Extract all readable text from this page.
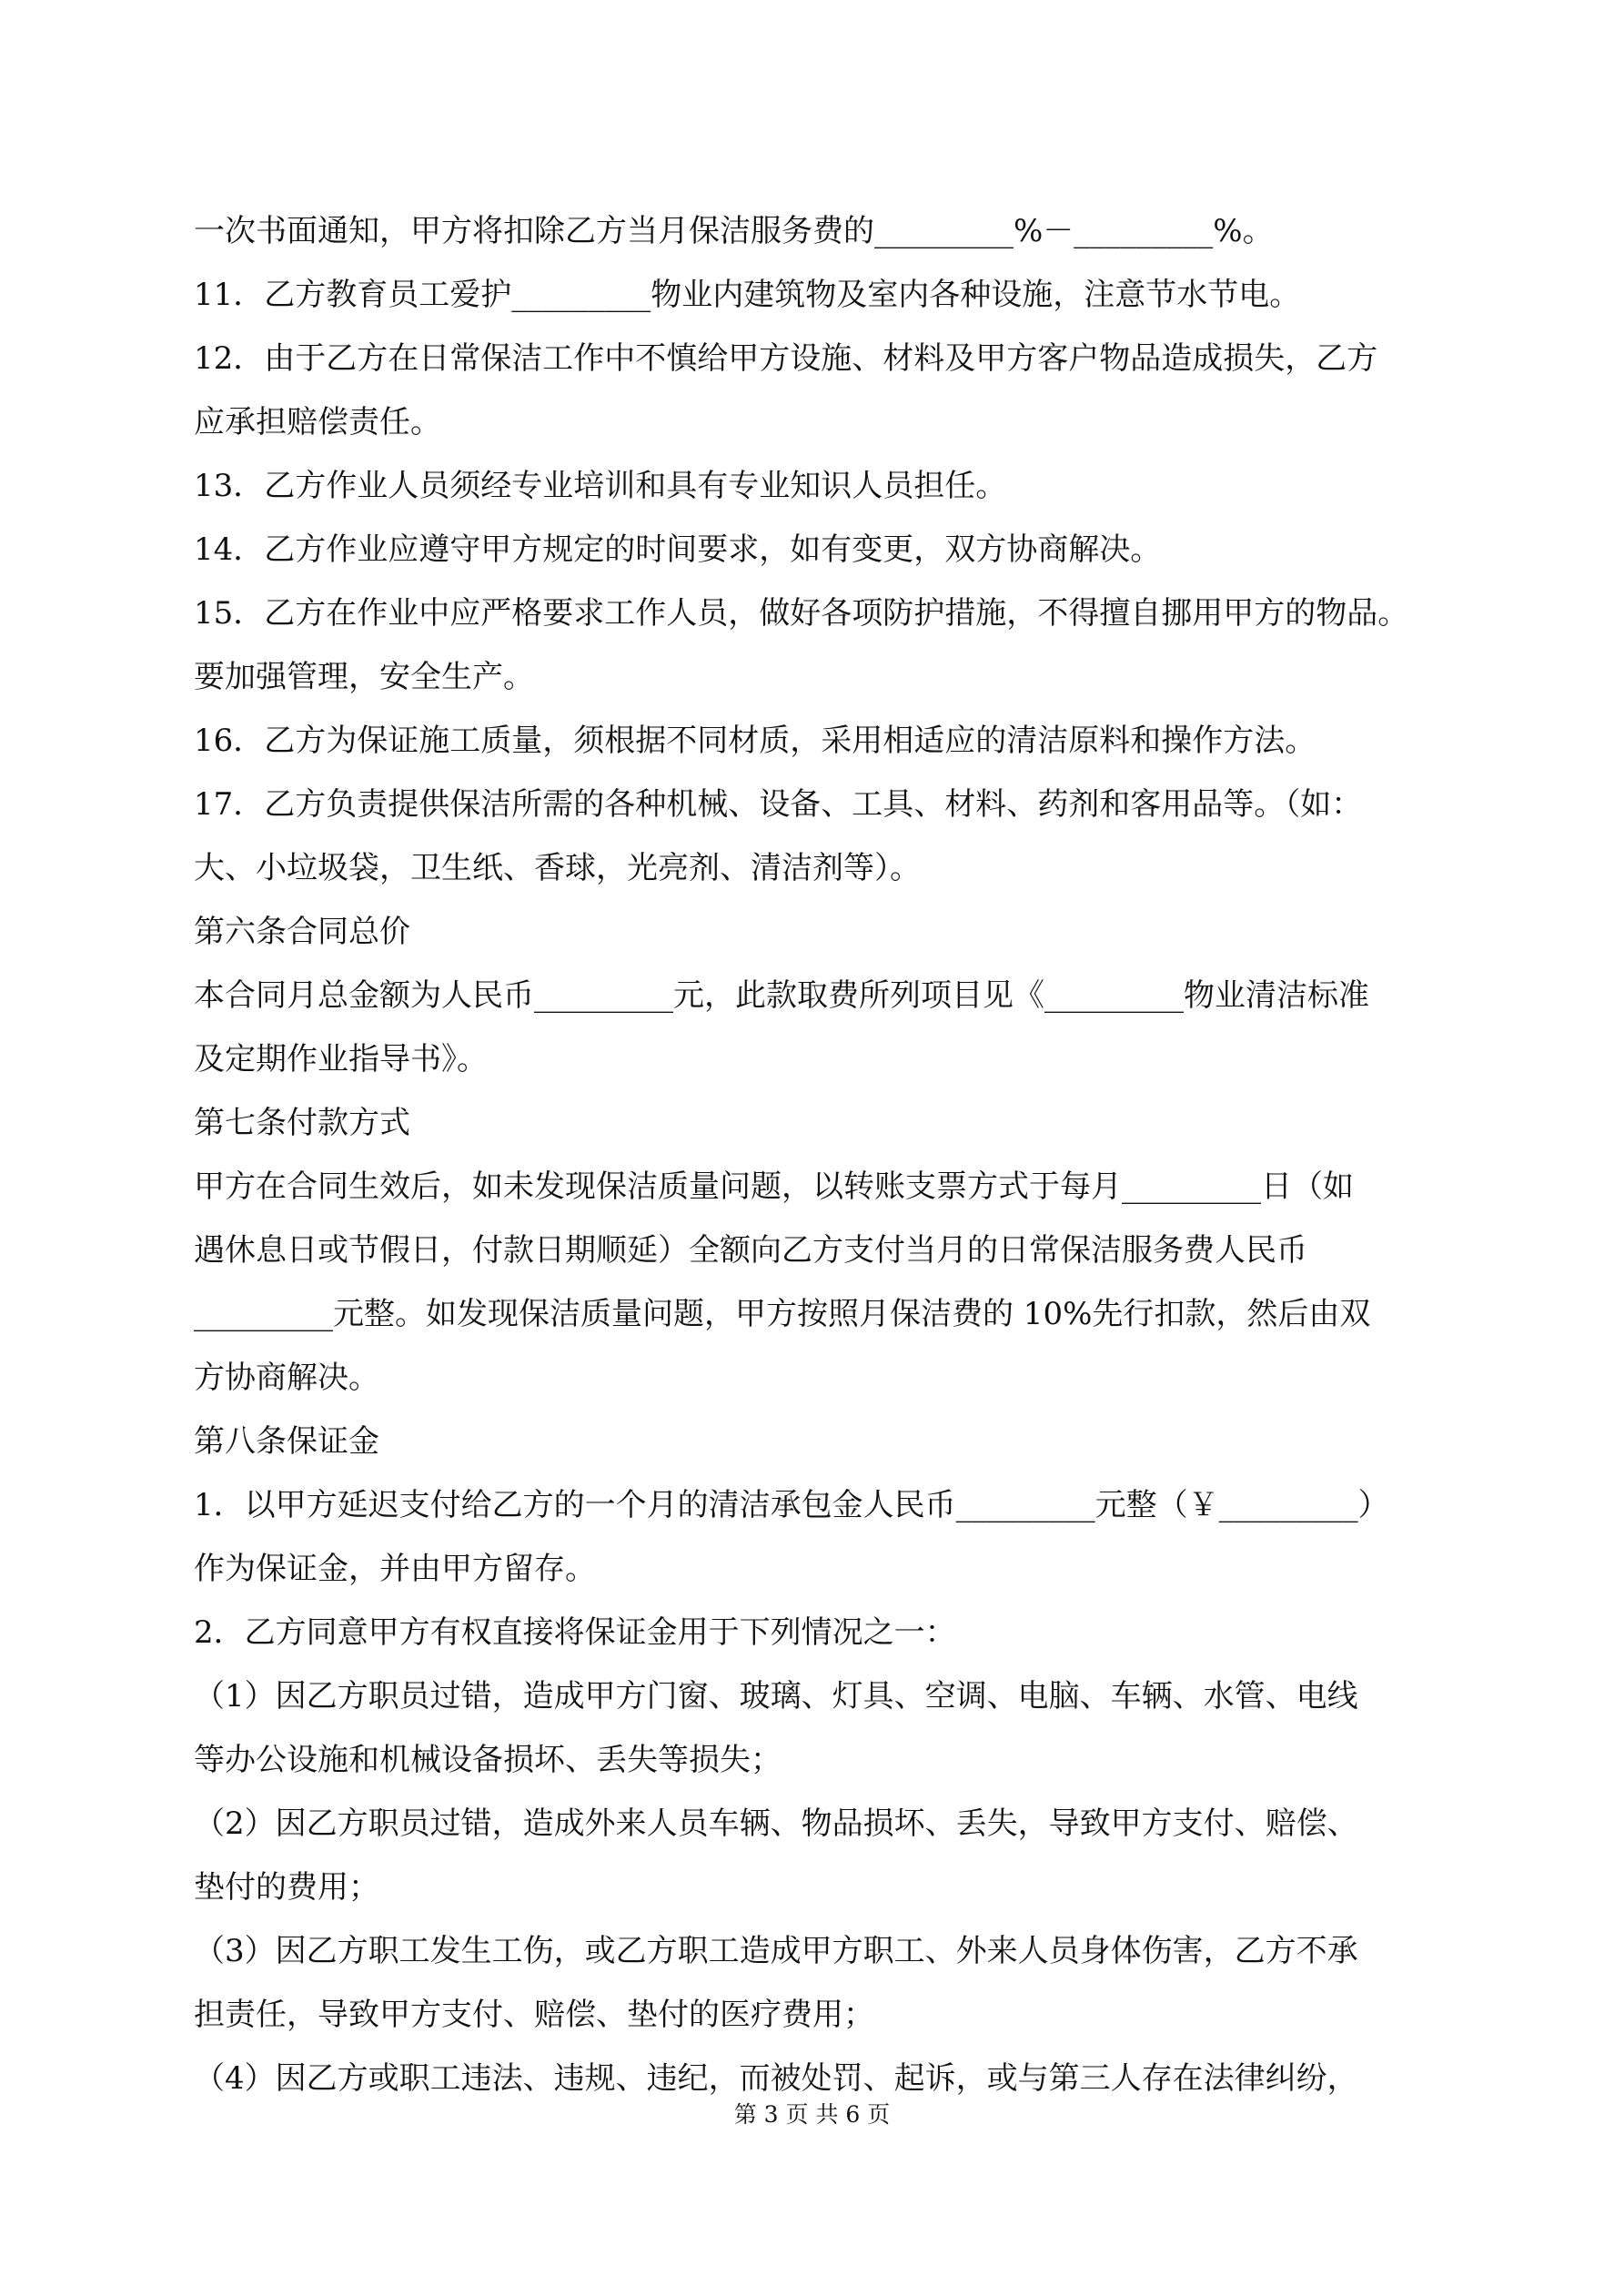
一次书面通知，甲方将扣除乙方当月保洁服务费的_________%－_________%。
11．乙方教育员工爱护_________物业内建筑物及室内各种设施，注意节水节电。
12．由于乙方在日常保洁工作中不慎给甲方设施、材料及甲方客户物品造成损失，乙方
应承担赔偿责任。
13．乙方作业人员须经专业培训和具有专业知识人员担任。
14．乙方作业应遵守甲方规定的时间要求，如有变更，双方协商解决。
15．乙方在作业中应严格要求工作人员，做好各项防护措施，不得擅自挪用甲方的物品。
要加强管理，安全生产。
16．乙方为保证施工质量，须根据不同材质，采用相适应的清洁原料和操作方法。
17．乙方负责提供保洁所需的各种机械、设备、工具、材料、药剂和客用品等。（如：
大、小垃圾袋，卫生纸、香球，光亮剂、清洁剂等）。
第六条合同总价
本合同月总金额为人民币_________元，此款取费所列项目见《_________物业清洁标准
及定期作业指导书》。
第七条付款方式
甲方在合同生效后，如未发现保洁质量问题，以转账支票方式于每月_________日（如
遇休息日或节假日，付款日期顺延）全额向乙方支付当月的日常保洁服务费人民币
_________元整。如发现保洁质量问题，甲方按照月保洁费的 10%先行扣款，然后由双
方协商解决。
第八条保证金
1．以甲方延迟支付给乙方的一个月的清洁承包金人民币_________元整（￥_________）
作为保证金，并由甲方留存。
2．乙方同意甲方有权直接将保证金用于下列情况之一：
（1）因乙方职员过错，造成甲方门窗、玻璃、灯具、空调、电脑、车辆、水管、电线
等办公设施和机械设备损坏、丢失等损失；
（2）因乙方职员过错，造成外来人员车辆、物品损坏、丢失，导致甲方支付、赔偿、
垫付的费用；
（3）因乙方职工发生工伤，或乙方职工造成甲方职工、外来人员身体伤害，乙方不承
担责任，导致甲方支付、赔偿、垫付的医疗费用；
（4）因乙方或职工违法、违规、违纪，而被处罚、起诉，或与第三人存在法律纠纷，
第 3 页 共 6 页
